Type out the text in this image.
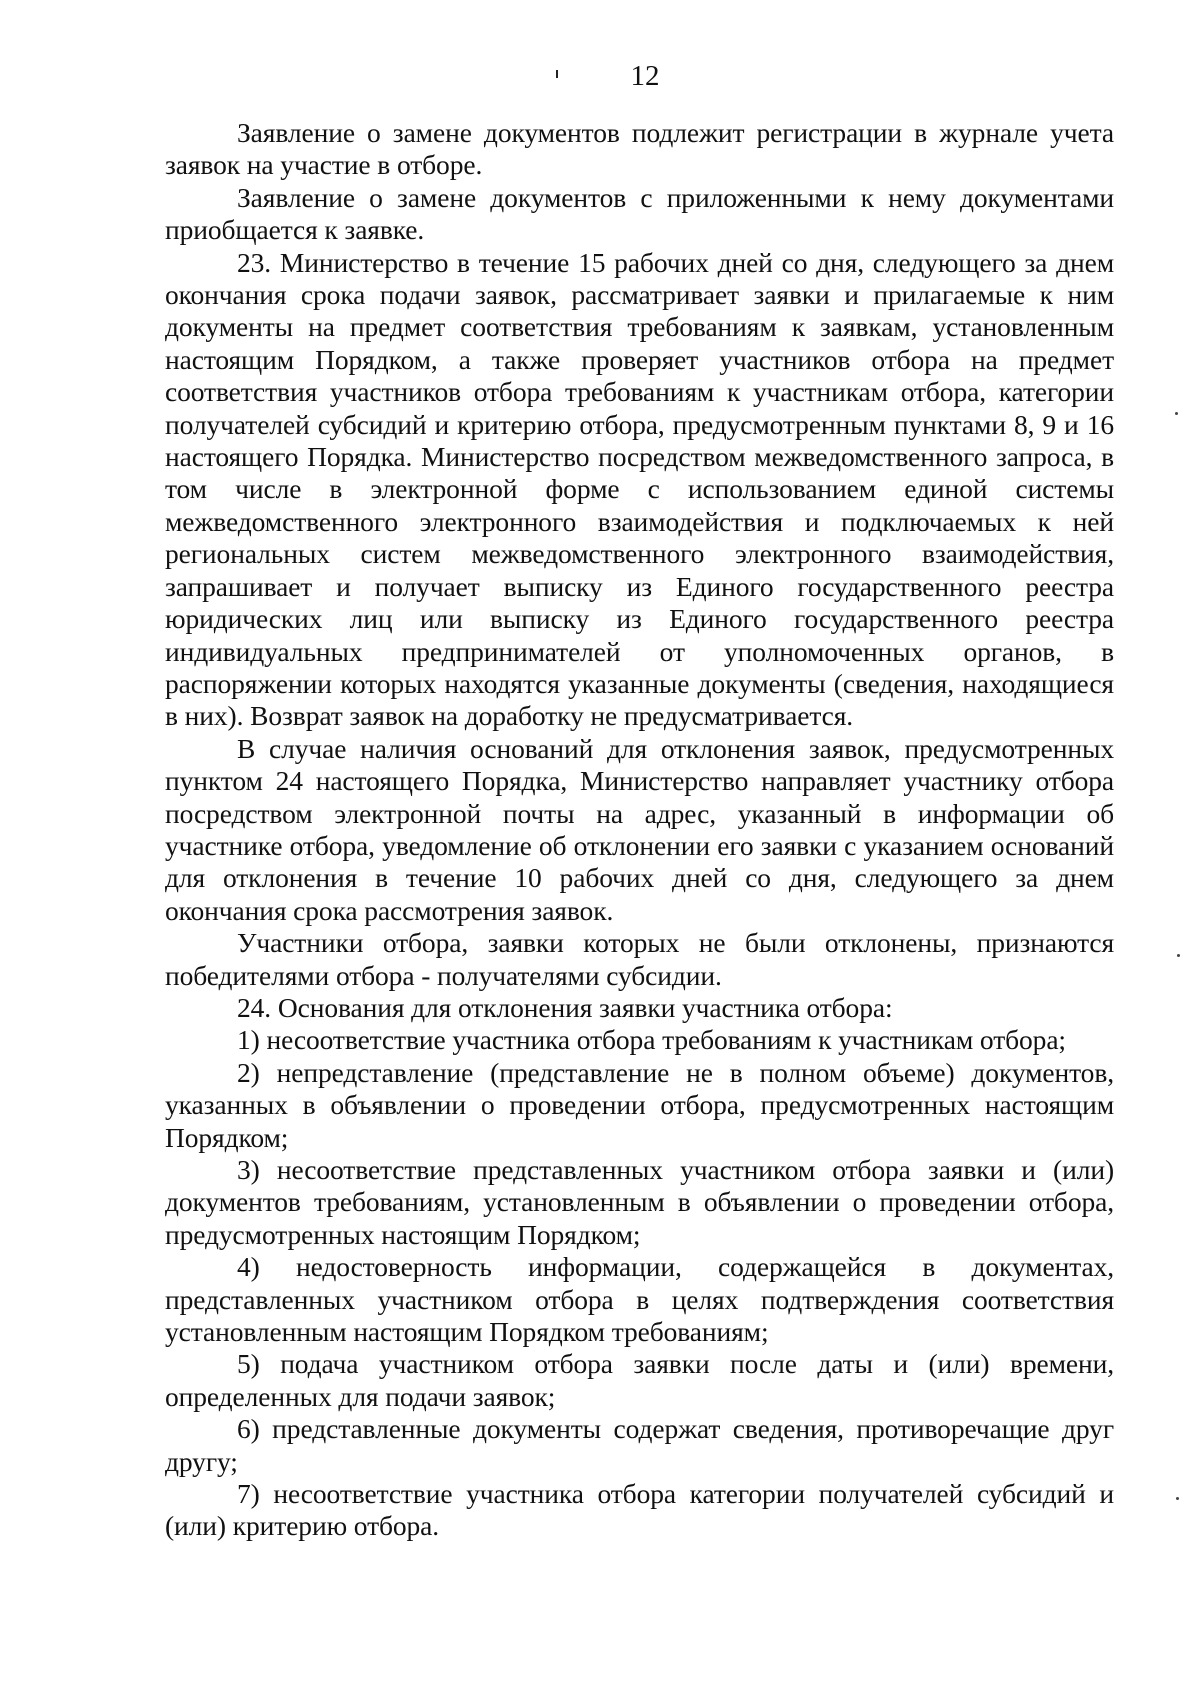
12

Заявление о замене документов подлежит регистрации в журнале учета заявок на участие в отборе.

Заявление о замене документов с приложенными к нему документами приобщается к заявке.

23. Министерство в течение 15 рабочих дней со дня, следующего за днем окончания срока подачи заявок, рассматривает заявки и прилагаемые к ним документы на предмет соответствия требованиям к заявкам, установленным настоящим Порядком, а также проверяет участников отбора на предмет соответствия участников отбора требованиям к участникам отбора, категории получателей субсидий и критерию отбора, предусмотренным пунктами 8, 9 и 16 настоящего Порядка. Министерство посредством межведомственного запроса, в том числе в электронной форме с использованием единой системы межведомственного электронного взаимодействия и подключаемых к ней региональных систем межведомственного электронного взаимодействия, запрашивает и получает выписку из Единого государственного реестра юридических лиц или выписку из Единого государственного реестра индивидуальных предпринимателей от уполномоченных органов, в распоряжении которых находятся указанные документы (сведения, находящиеся в них). Возврат заявок на доработку не предусматривается.

В случае наличия оснований для отклонения заявок, предусмотренных пунктом 24 настоящего Порядка, Министерство направляет участнику отбора посредством электронной почты на адрес, указанный в информации об участнике отбора, уведомление об отклонении его заявки с указанием оснований для отклонения в течение 10 рабочих дней со дня, следующего за днем окончания срока рассмотрения заявок.

Участники отбора, заявки которых не были отклонены, признаются победителями отбора - получателями субсидии.

24. Основания для отклонения заявки участника отбора:

1) несоответствие участника отбора требованиям к участникам отбора;

2) непредставление (представление не в полном объеме) документов, указанных в объявлении о проведении отбора, предусмотренных настоящим Порядком;

3) несоответствие представленных участником отбора заявки и (или) документов требованиям, установленным в объявлении о проведении отбора, предусмотренных настоящим Порядком;

4) недостоверность информации, содержащейся в документах, представленных участником отбора в целях подтверждения соответствия установленным настоящим Порядком требованиям;

5) подача участником отбора заявки после даты и (или) времени, определенных для подачи заявок;

6) представленные документы содержат сведения, противоречащие друг другу;

7) несоответствие участника отбора категории получателей субсидий и (или) критерию отбора.
